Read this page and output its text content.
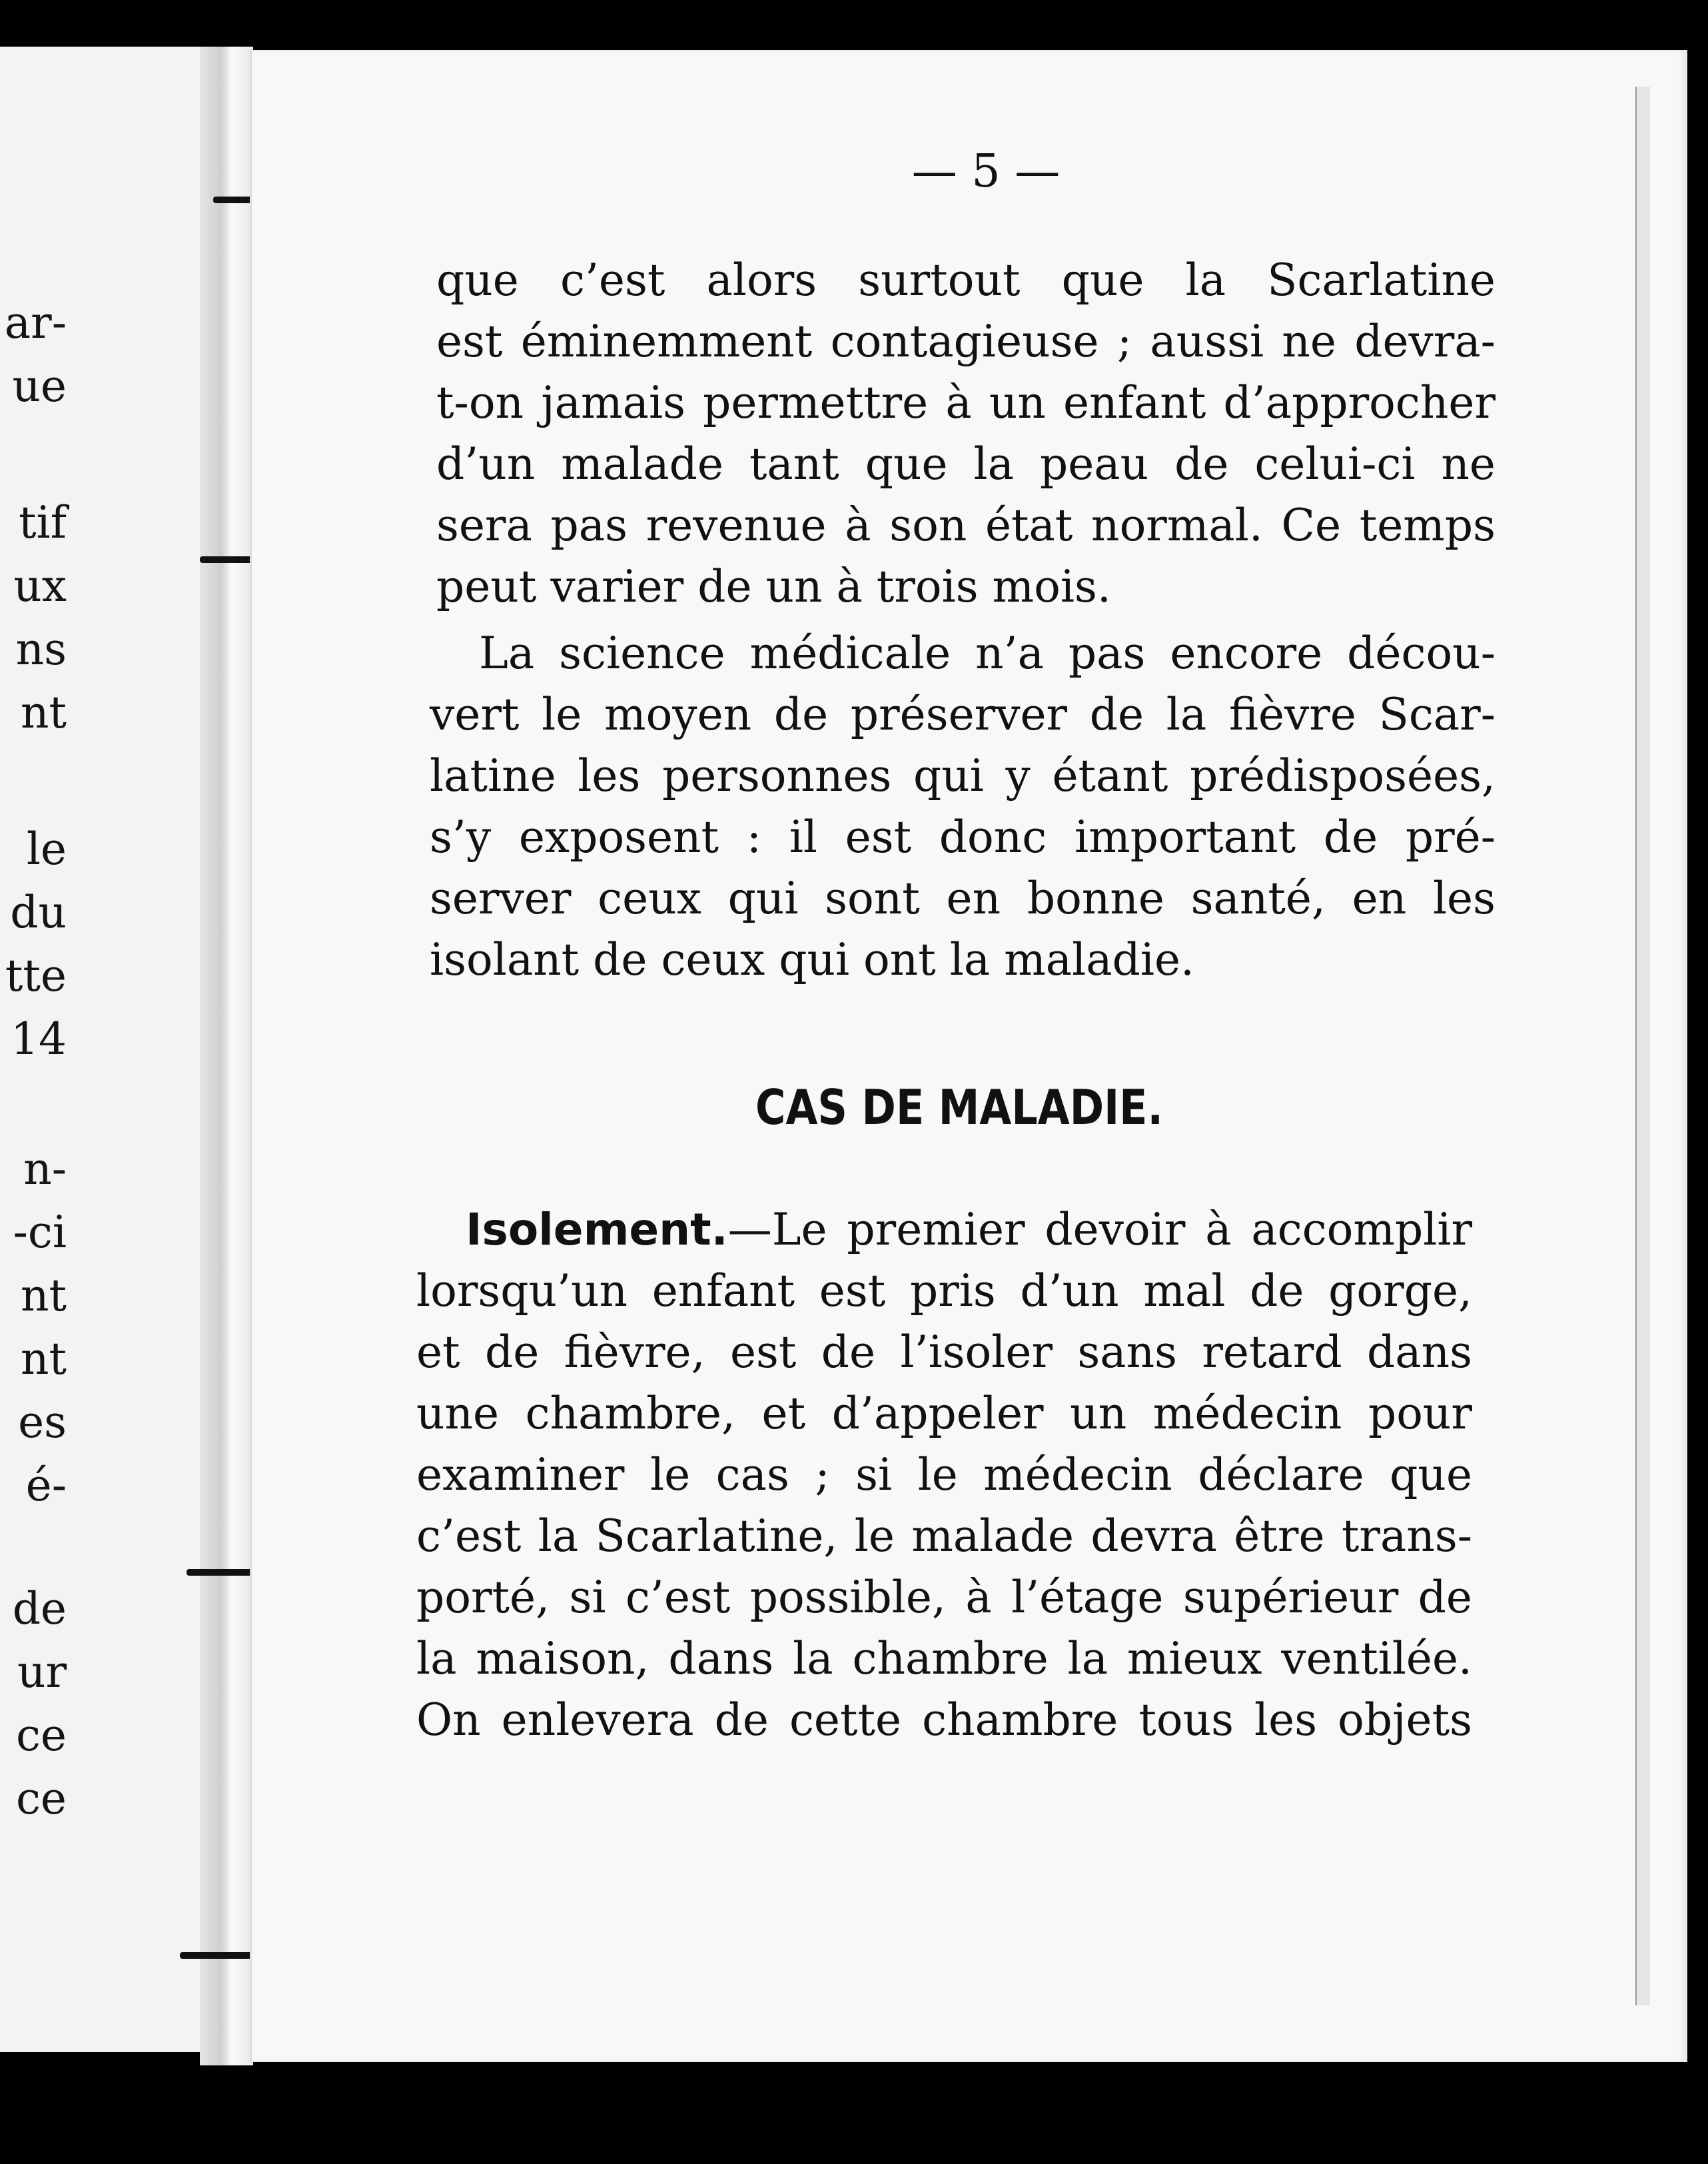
ar-
ue
tif
ux
ns
nt
le
du
tte
14
n-
-ci
nt
nt
es
é-
de
ur
ce
ce
— 5 —
que c’est alors surtout que la Scarlatine
est éminemment contagieuse ; aussi ne devra-
t-on jamais permettre à un enfant d’approcher
d’un malade tant que la peau de celui-ci ne
sera pas revenue à son état normal. Ce temps
peut varier de un à trois mois.
La science médicale n’a pas encore décou-
vert le moyen de préserver de la fièvre Scar-
latine les personnes qui y étant prédisposées,
s’y exposent : il est donc important de pré-
server ceux qui sont en bonne santé, en les
isolant de ceux qui ont la maladie.
CAS DE MALADIE.
Isolement.—Le premier devoir à accomplir
lorsqu’un enfant est pris d’un mal de gorge,
et de fièvre, est de l’isoler sans retard dans
une chambre, et d’appeler un médecin pour
examiner le cas ; si le médecin déclare que
c’est la Scarlatine, le malade devra être trans-
porté, si c’est possible, à l’étage supérieur de
la maison, dans la chambre la mieux ventilée.
On enlevera de cette chambre tous les objets
